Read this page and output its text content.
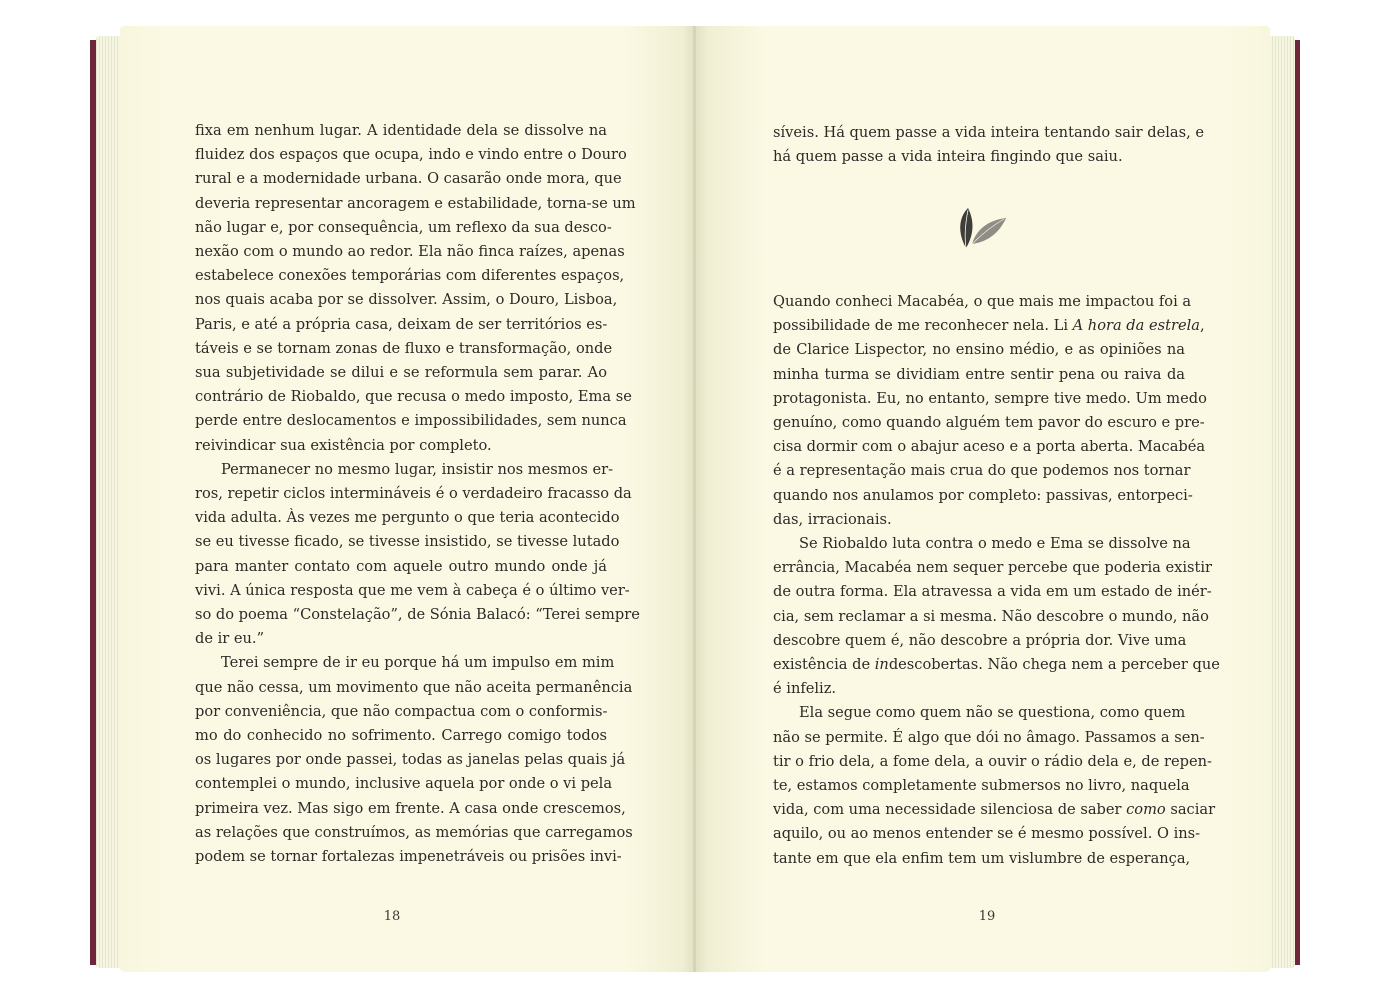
fixa em nenhum lugar. A identidade dela se dissolve na
fluidez dos espaços que ocupa, indo e vindo entre o Douro
rural e a modernidade urbana. O casarão onde mora, que
deveria representar ancoragem e estabilidade, torna-se um
não lugar e, por consequência, um reflexo da sua desco-
nexão com o mundo ao redor. Ela não finca raízes, apenas
estabelece conexões temporárias com diferentes espaços,
nos quais acaba por se dissolver. Assim, o Douro, Lisboa,
Paris, e até a própria casa, deixam de ser territórios es-
táveis e se tornam zonas de fluxo e transformação, onde
sua subjetividade se dilui e se reformula sem parar. Ao
contrário de Riobaldo, que recusa o medo imposto, Ema se
perde entre deslocamentos e impossibilidades, sem nunca
reivindicar sua existência por completo.
Permanecer no mesmo lugar, insistir nos mesmos er-
ros, repetir ciclos intermináveis é o verdadeiro fracasso da
vida adulta. Às vezes me pergunto o que teria acontecido
se eu tivesse ficado, se tivesse insistido, se tivesse lutado
para manter contato com aquele outro mundo onde já
vivi. A única resposta que me vem à cabeça é o último ver-
so do poema “Constelação”, de Sónia Balacó: “Terei sempre
de ir eu.”
Terei sempre de ir eu porque há um impulso em mim
que não cessa, um movimento que não aceita permanência
por conveniência, que não compactua com o conformis-
mo do conhecido no sofrimento. Carrego comigo todos
os lugares por onde passei, todas as janelas pelas quais já
contemplei o mundo, inclusive aquela por onde o vi pela
primeira vez. Mas sigo em frente. A casa onde crescemos,
as relações que construímos, as memórias que carregamos
podem se tornar fortalezas impenetráveis ou prisões invi-
18
síveis. Há quem passe a vida inteira tentando sair delas, e
há quem passe a vida inteira fingindo que saiu.
Quando conheci Macabéa, o que mais me impactou foi a
possibilidade de me reconhecer nela. Li A hora da estrela,
de Clarice Lispector, no ensino médio, e as opiniões na
minha turma se dividiam entre sentir pena ou raiva da
protagonista. Eu, no entanto, sempre tive medo. Um medo
genuíno, como quando alguém tem pavor do escuro e pre-
cisa dormir com o abajur aceso e a porta aberta. Macabéa
é a representação mais crua do que podemos nos tornar
quando nos anulamos por completo: passivas, entorpeci-
das, irracionais.
Se Riobaldo luta contra o medo e Ema se dissolve na
errância, Macabéa nem sequer percebe que poderia existir
de outra forma. Ela atravessa a vida em um estado de inér-
cia, sem reclamar a si mesma. Não descobre o mundo, não
descobre quem é, não descobre a própria dor. Vive uma
existência de indescobertas. Não chega nem a perceber que
é infeliz.
Ela segue como quem não se questiona, como quem
não se permite. É algo que dói no âmago. Passamos a sen-
tir o frio dela, a fome dela, a ouvir o rádio dela e, de repen-
te, estamos completamente submersos no livro, naquela
vida, com uma necessidade silenciosa de saber como saciar
aquilo, ou ao menos entender se é mesmo possível. O ins-
tante em que ela enfim tem um vislumbre de esperança,
19
